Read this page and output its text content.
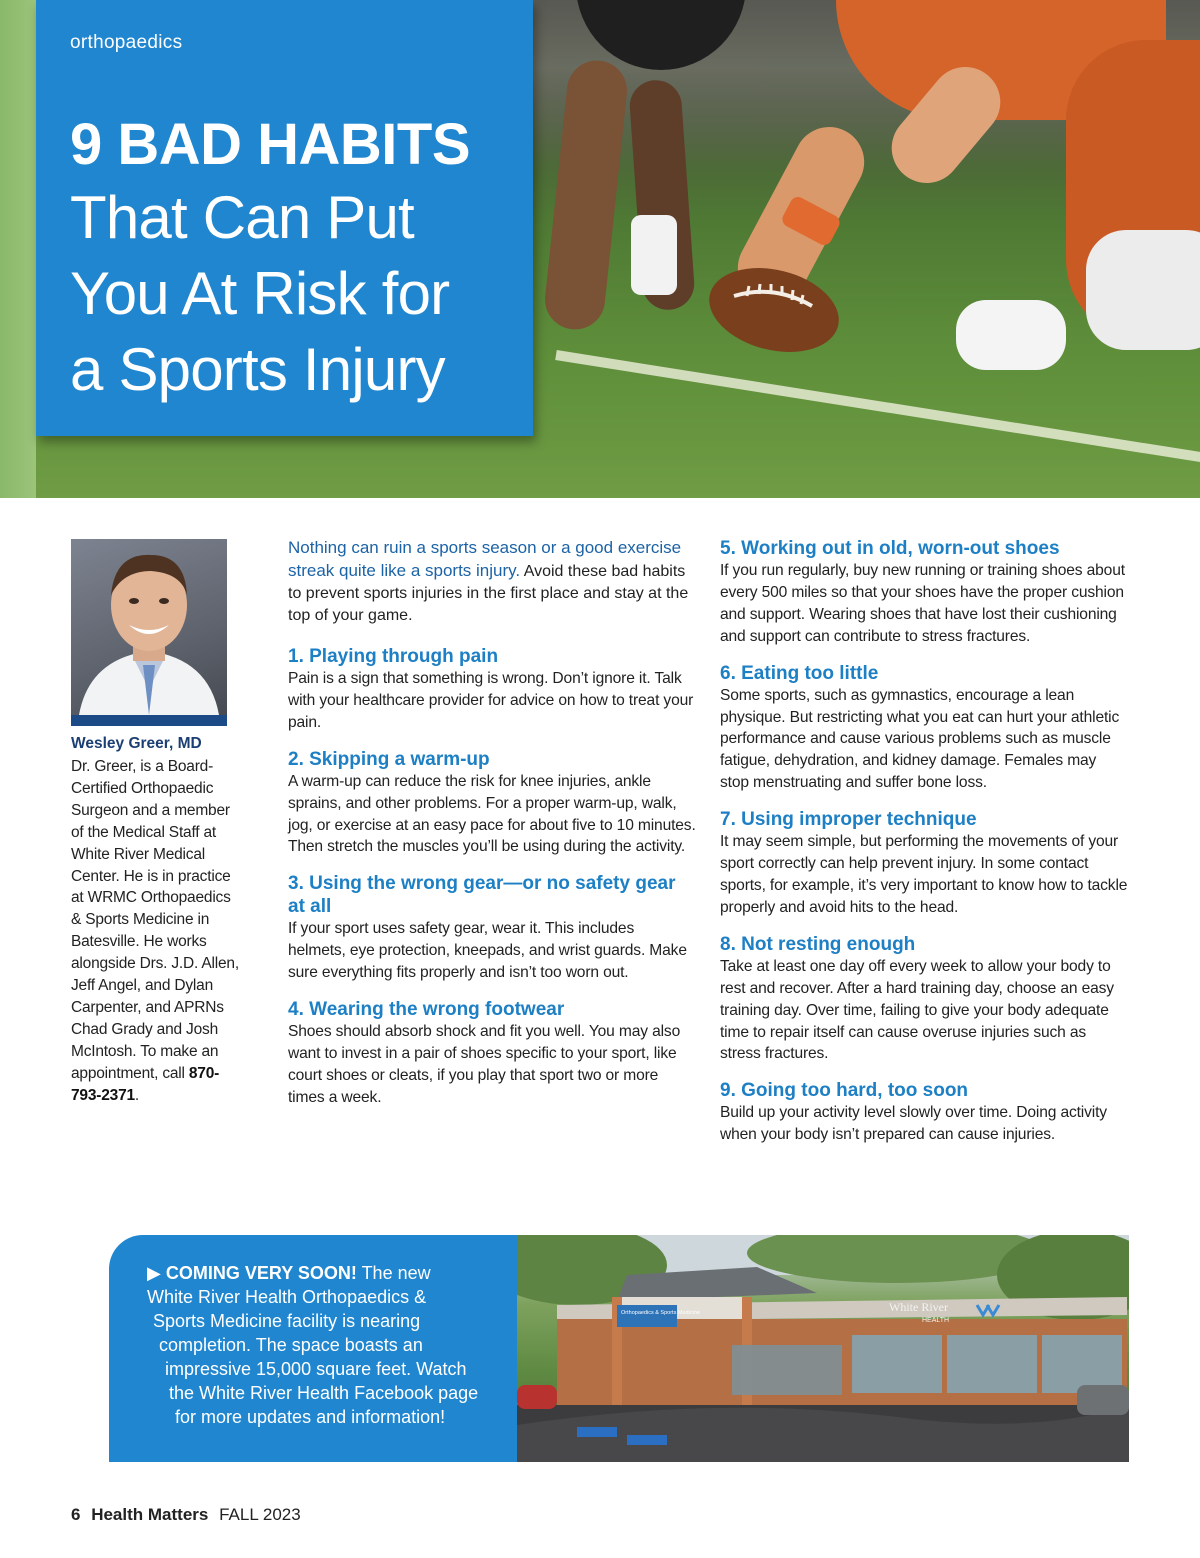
orthopaedics
9 BAD HABITS
That Can Put
You At Risk for
a Sports Injury
Wesley Greer, MD
Dr. Greer, is a Board-Certified Orthopaedic Surgeon and a member of the Medical Staff at White River Medical Center. He is in practice at WRMC Orthopaedics & Sports Medicine in Batesville. He works alongside Drs. J.D. Allen, Jeff Angel, and Dylan Carpenter, and APRNs Chad Grady and Josh McIntosh. To make an appointment, call 870-793-2371.

Nothing can ruin a sports season or a good exercise streak quite like a sports injury. Avoid these bad habits to prevent sports injuries in the first place and stay at the top of your game.

1. Playing through pain

Pain is a sign that something is wrong. Don’t ignore it. Talk with your healthcare provider for advice on how to treat your pain.

2. Skipping a warm-up

A warm-up can reduce the risk for knee injuries, ankle sprains, and other problems. For a proper warm-up, walk, jog, or exercise at an easy pace for about five to 10 minutes. Then stretch the muscles you’ll be using during the activity.

3. Using the wrong gear—or no safety gear at all

If your sport uses safety gear, wear it. This includes helmets, eye protection, kneepads, and wrist guards. Make sure everything fits properly and isn’t too worn out.

4. Wearing the wrong footwear

Shoes should absorb shock and fit you well. You may also want to invest in a pair of shoes specific to your sport, like court shoes or cleats, if you play that sport two or more times a week.

5. Working out in old, worn-out shoes

If you run regularly, buy new running or training shoes about every 500 miles so that your shoes have the proper cushion and support. Wearing shoes that have lost their cushioning and support can contribute to stress fractures.

6. Eating too little

Some sports, such as gymnastics, encourage a lean physique. But restricting what you eat can hurt your athletic performance and cause various problems such as muscle fatigue, dehydration, and kidney damage. Females may stop menstruating and suffer bone loss.

7. Using improper technique

It may seem simple, but performing the movements of your sport correctly can help prevent injury. In some contact sports, for example, it’s very important to know how to tackle properly and avoid hits to the head.

8. Not resting enough

Take at least one day off every week to allow your body to rest and recover. After a hard training day, choose an easy training day. Over time, failing to give your body adequate time to repair itself can cause overuse injuries such as stress fractures.

9. Going too hard, too soon

Build up your activity level slowly over time. Doing activity when your body isn’t prepared can cause injuries.

▶ COMING VERY SOON! The new
White River Health Orthopaedics &
Sports Medicine facility is nearing
completion. The space boasts an
impressive 15,000 square feet. Watch
the White River Health Facebook page
for more updates and information!
Orthopaedics & Sports Medicine	White River
HEALTH
6 Health Matters FALL 2023
